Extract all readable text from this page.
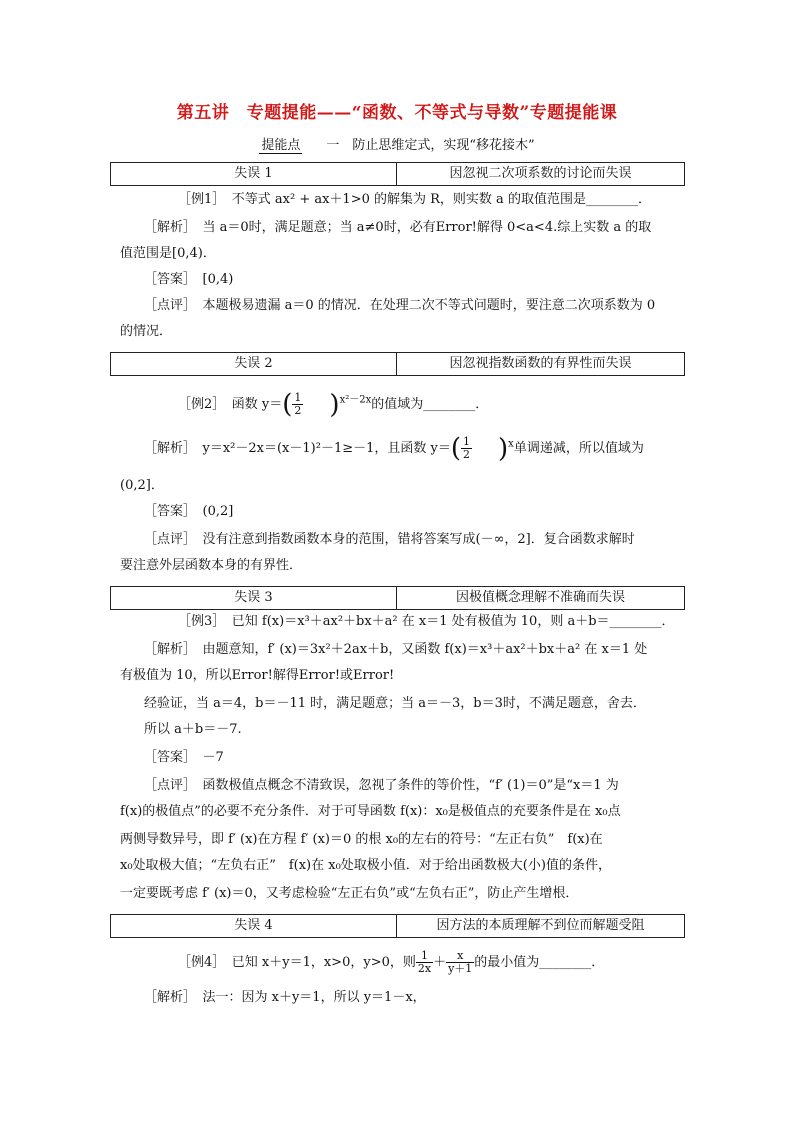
第五讲　专题提能——“函数、不等式与导数”专题提能课
提能点 一　防止思维定式，实现“移花接木”
失误 1	因忽视二次项系数的讨论而失误
［例1］　不等式 ax² + ax＋1>0 的解集为 R，则实数 a 的取值范围是________．
［解析］　当 a＝0时，满足题意；当 a≠0时，必有Error!解得 0<a<4.综上实数 a 的取
值范围是[0,4)．
［答案］　[0,4)
［点评］　本题极易遗漏 a＝0 的情况．在处理二次不等式问题时，要注意二次项系数为 0
的情况．
失误 2	因忽视指数函数的有界性而失误
［例2］　函数 $y=( \frac{1}{2} )^{x^2-2x}$的值域为________．
［解析］　y＝x²－2x＝(x－1)²－1≥－1，且函数 $y=( \frac{1}{2} )^x$单调递减，所以值域为
(0,2]．
［答案］　(0,2]
［点评］　没有注意到指数函数本身的范围，错将答案写成(－∞，2]．复合函数求解时
要注意外层函数本身的有界性．
失误 3	因极值概念理解不准确而失误
［例3］　已知 f(x)＝x³＋ax²＋bx＋a² 在 x＝1 处有极值为 10，则 a＋b＝________．
［解析］　由题意知，f′ (x)＝3x²＋2ax＋b，又函数 f(x)＝x³＋ax²＋bx＋a² 在 x＝1 处
有极值为 10，所以Error!解得Error!或Error!
经验证，当 a＝4，b＝－11 时，满足题意；当 a＝－3，b＝3时，不满足题意，舍去．
所以 a＋b＝－7.
［答案］　－7
［点评］　函数极值点概念不清致误，忽视了条件的等价性，“f′ (1)＝0”是“x＝1 为
f(x)的极值点”的必要不充分条件．对于可导函数 f(x)：x₀是极值点的充要条件是在 x₀点
两侧导数异号，即 f′ (x)在方程 f′ (x)＝0 的根 x₀的左右的符号：“左正右负”　f(x)在
x₀处取极大值；“左负右正”　f(x)在 x₀处取极小值．对于给出函数极大(小)值的条件，
一定要既考虑 f′ (x)＝0，又考虑检验“左正右负”或“左负右正”，防止产生增根．
失误 4	因方法的本质理解不到位而解题受阻
［例4］　已知 x＋y＝1，x>0，y>0，则 $\frac{1}{2x} + \frac{x}{y+1}$ 的最小值为________．
［解析］　法一：因为 x＋y＝1，所以 y＝1－x，
